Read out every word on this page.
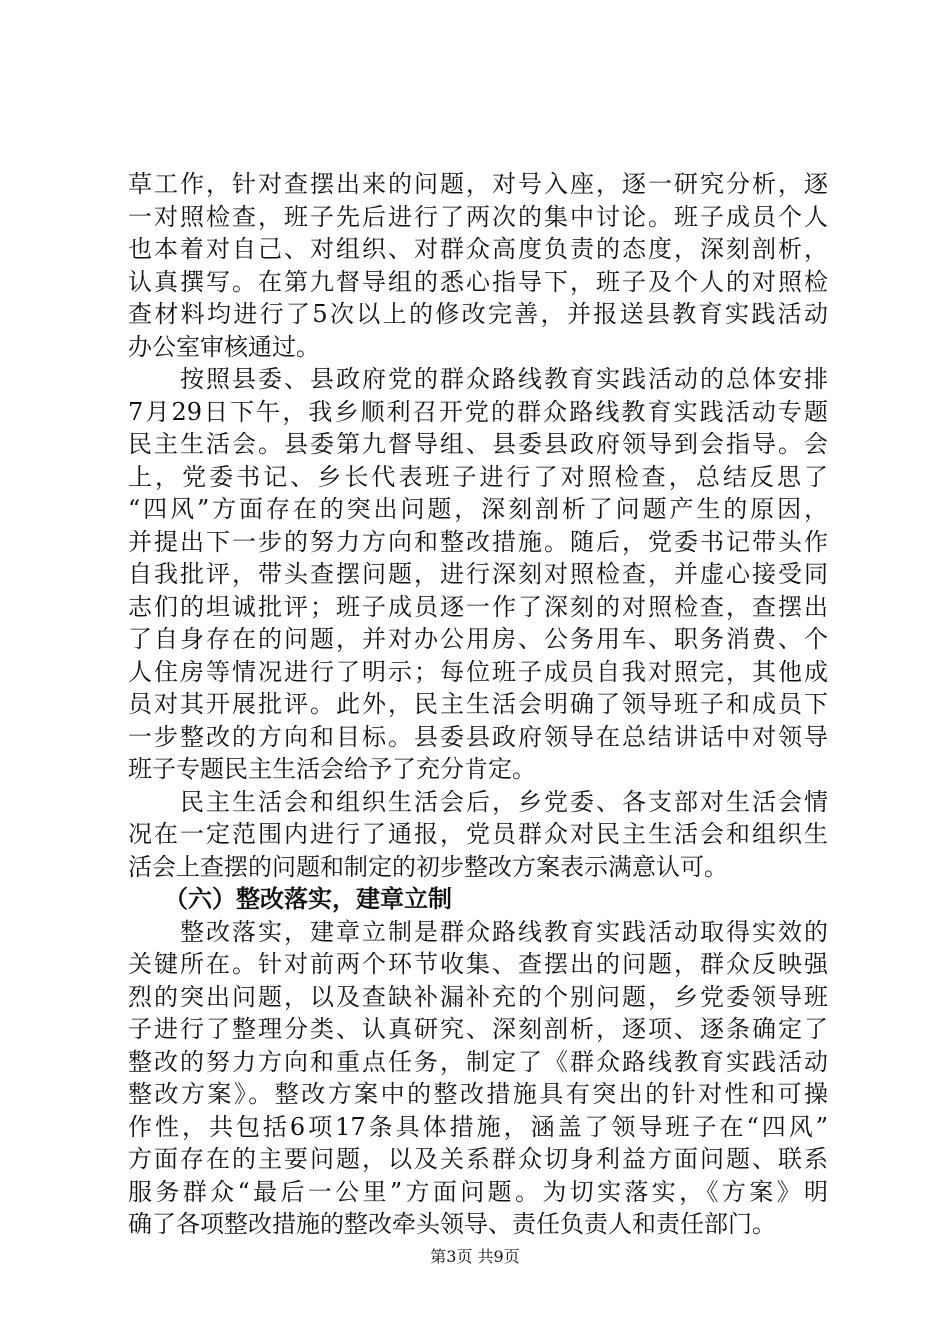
草工作，针对查摆出来的问题，对号入座，逐一研究分析，逐
一对照检查，班子先后进行了两次的集中讨论。班子成员个人
也本着对自己、对组织、对群众高度负责的态度，深刻剖析，
认真撰写。在第九督导组的悉心指导下，班子及个人的对照检
查材料均进行了5次以上的修改完善，并报送县教育实践活动
办公室审核通过。
　　按照县委、县政府党的群众路线教育实践活动的总体安排
7月29日下午，我乡顺利召开党的群众路线教育实践活动专题
民主生活会。县委第九督导组、县委县政府领导到会指导。会
上，党委书记、乡长代表班子进行了对照检查，总结反思了
“四风”方面存在的突出问题，深刻剖析了问题产生的原因，
并提出下一步的努力方向和整改措施。随后，党委书记带头作
自我批评，带头查摆问题，进行深刻对照检查，并虚心接受同
志们的坦诚批评；班子成员逐一作了深刻的对照检查，查摆出
了自身存在的问题，并对办公用房、公务用车、职务消费、个
人住房等情况进行了明示；每位班子成员自我对照完，其他成
员对其开展批评。此外，民主生活会明确了领导班子和成员下
一步整改的方向和目标。县委县政府领导在总结讲话中对领导
班子专题民主生活会给予了充分肯定。
　　民主生活会和组织生活会后，乡党委、各支部对生活会情
况在一定范围内进行了通报，党员群众对民主生活会和组织生
活会上查摆的问题和制定的初步整改方案表示满意认可。
　　（六）整改落实，建章立制
　　整改落实，建章立制是群众路线教育实践活动取得实效的
关键所在。针对前两个环节收集、查摆出的问题，群众反映强
烈的突出问题，以及查缺补漏补充的个别问题，乡党委领导班
子进行了整理分类、认真研究、深刻剖析，逐项、逐条确定了
整改的努力方向和重点任务，制定了《群众路线教育实践活动
整改方案》。整改方案中的整改措施具有突出的针对性和可操
作性，共包括6项17条具体措施，涵盖了领导班子在“四风”
方面存在的主要问题，以及关系群众切身利益方面问题、联系
服务群众“最后一公里”方面问题。为切实落实，《方案》明
确了各项整改措施的整改牵头领导、责任负责人和责任部门。
第3页 共9页
